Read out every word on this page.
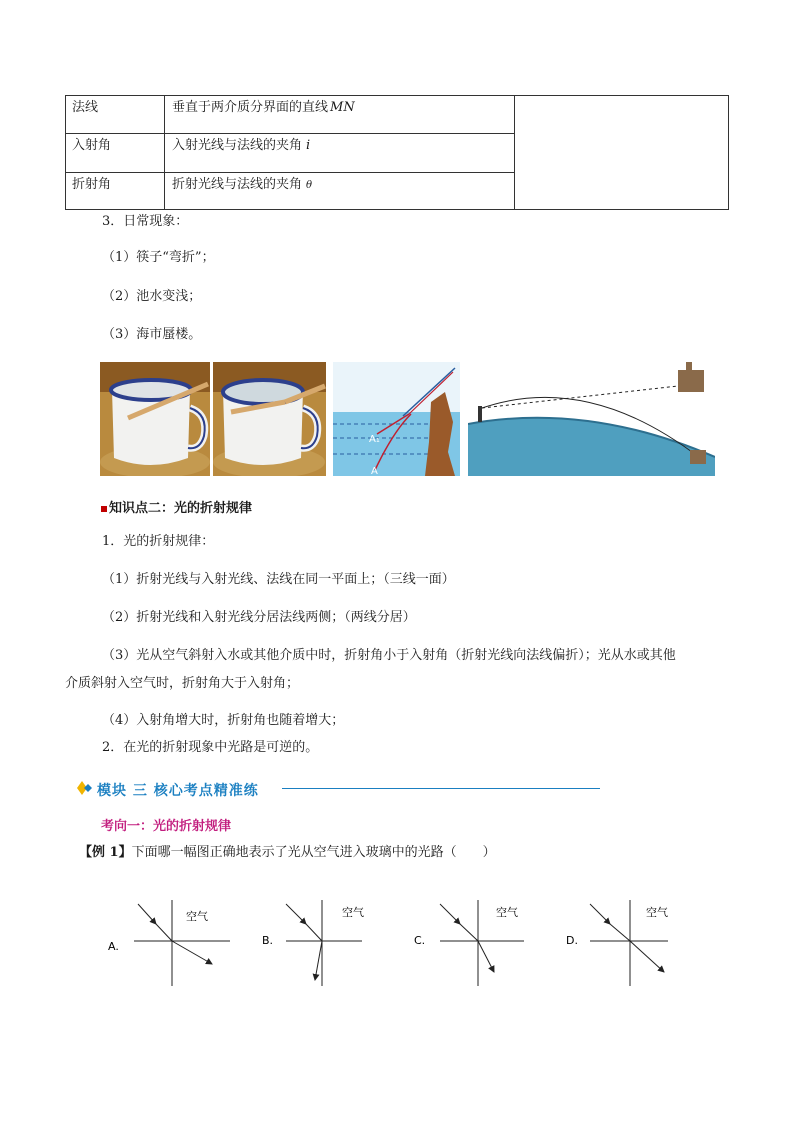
法线	垂直于两介质分界面的直线 MN
入射角	入射光线与法线的夹角 i
折射角	折射光线与法线的夹角 θ
3．日常现象：
（1）筷子“弯折”；
（2）池水变浅；
（3）海市蜃楼。
A₁
A
知识点二：光的折射规律
1．光的折射规律：
（1）折射光线与入射光线、法线在同一平面上；（三线一面）
（2）折射光线和入射光线分居法线两侧；（两线分居）
（3）光从空气斜射入水或其他介质中时，折射角小于入射角（折射光线向法线偏折）；光从水或其他
介质斜射入空气时，折射角大于入射角；
（4）入射角增大时，折射角也随着增大；
2．在光的折射现象中光路是可逆的。
模块 三 核心考点精准练
考向一：光的折射规律
【例 1】下面哪一幅图正确地表示了光从空气进入玻璃中的光路（　　）
A.
空气
B.
空气
C.
空气
D.
空气
